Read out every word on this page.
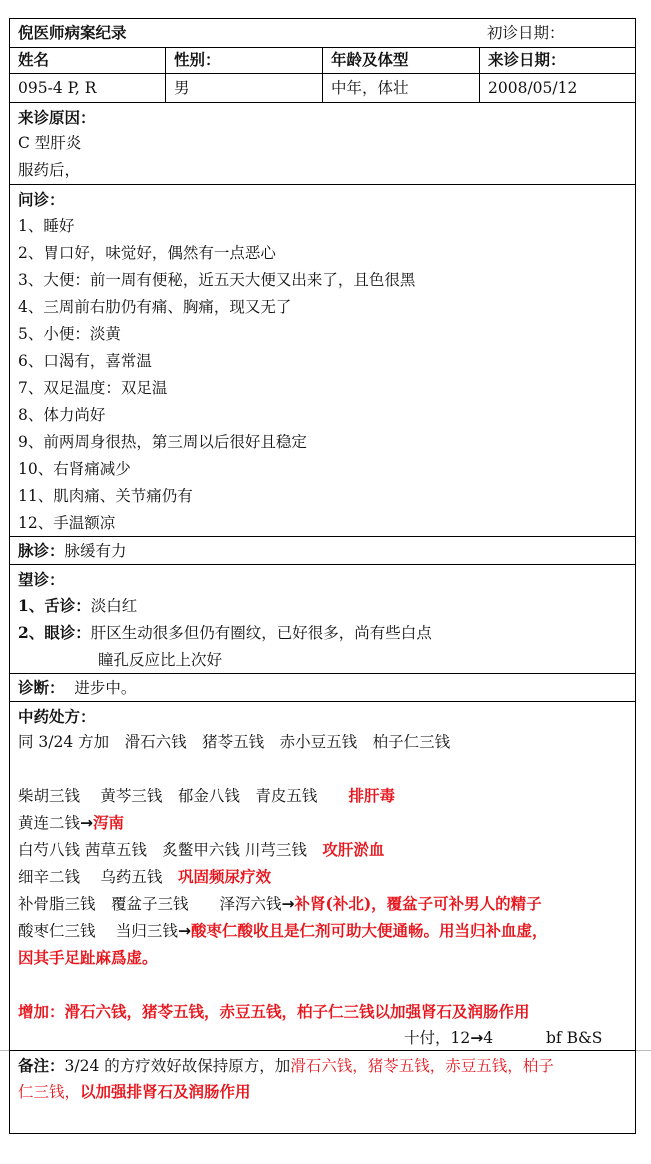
倪医师病案纪录	初诊日期：
姓名	性别：	年龄及体型	来诊日期：
095-4 P, R	男	中年，体壮	2008/05/12
来诊原因：
C 型肝炎
服药后，
问诊：
1、睡好
2、胃口好，味觉好，偶然有一点恶心
3、大便：前一周有便秘，近五天大便又出来了，且色很黑
4、三周前右肋仍有痛、胸痛，现又无了
5、小便：淡黄
6、口渴有，喜常温
7、双足温度：双足温
8、体力尚好
9、前两周身很热，第三周以后很好且稳定
10、右肾痛减少
11、肌肉痛、关节痛仍有
12、手温额凉
脉诊：脉缓有力
望诊：
1、舌诊：淡白红
2、眼诊：肝区生动很多但仍有圈纹，已好很多，尚有些白点
瞳孔反应比上次好
诊断： 进步中。
中药处方：
同 3/24 方加　滑石六钱　猪苓五钱　赤小豆五钱　柏子仁三钱
柴胡三钱　 黄芩三钱　郁金八钱　青皮五钱　　 排肝毒
黄连二钱→泻南
白芍八钱 茜草五钱　炙鳖甲六钱 川芎三钱　 攻肝淤血
细辛二钱　 乌药五钱　 巩固频尿疗效
补骨脂三钱　覆盆子三钱　　泽泻六钱→补肾(补北)，覆盆子可补男人的精子
酸枣仁三钱　 当归三钱→酸枣仁酸收且是仁剂可助大便通畅。用当归补血虚，
因其手足趾麻爲虚。
增加：滑石六钱，猪苓五钱，赤豆五钱，柏子仁三钱以加强肾石及润肠作用
十付，12→4	bf B&S
备注：3/24 的方疗效好故保持原方，加滑石六钱，猪苓五钱，赤豆五钱，柏子
仁三钱，以加强排肾石及润肠作用
